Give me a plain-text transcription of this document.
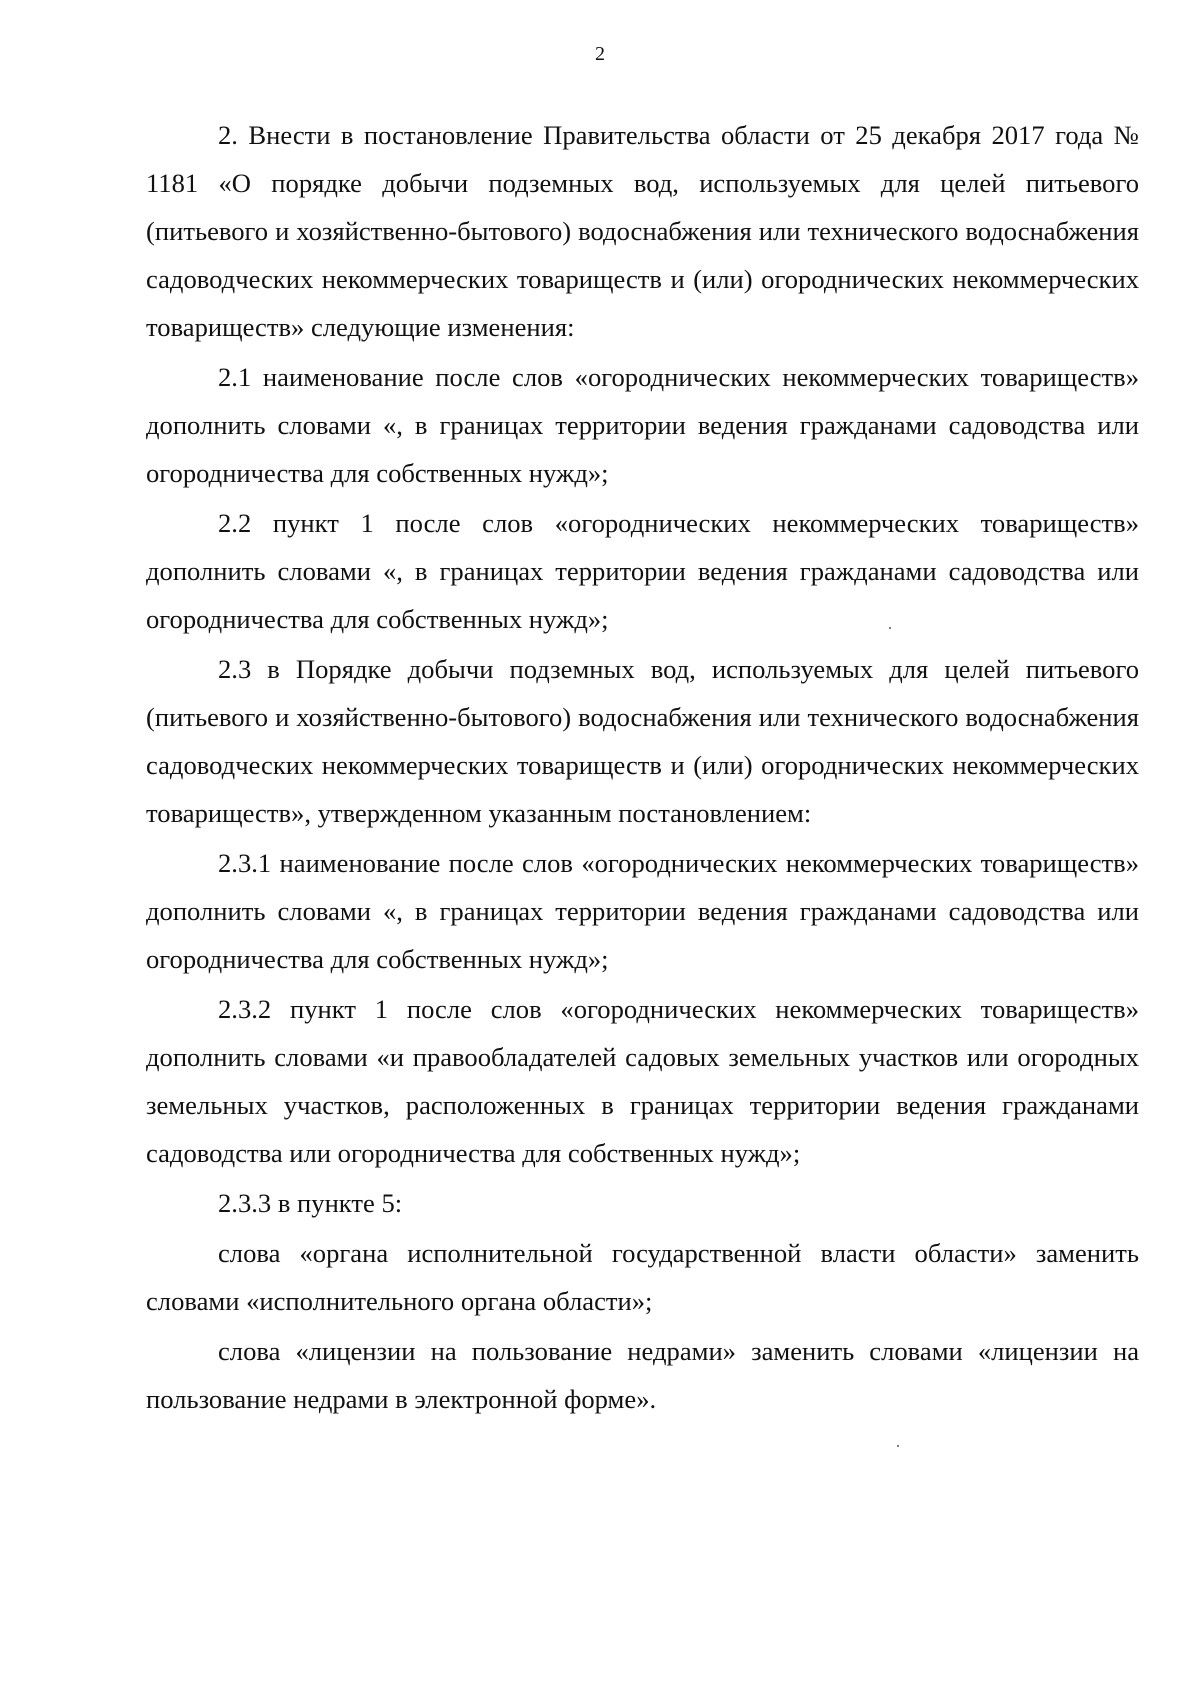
2

2. Внести в постановление Правительства области от 25 декабря 2017 года № 1181 «О порядке добычи подземных вод, используемых для целей питьевого (питьевого и хозяйственно-бытового) водоснабжения или технического водоснабжения садоводческих некоммерческих товариществ и (или) огороднических некоммерческих товариществ» следующие изменения:

2.1 наименование после слов «огороднических некоммерческих товариществ» дополнить словами «, в границах территории ведения гражданами садоводства или огородничества для собственных нужд»;

2.2 пункт 1 после слов «огороднических некоммерческих товариществ» дополнить словами «, в границах территории ведения гражданами садоводства или огородничества для собственных нужд»;

2.3 в Порядке добычи подземных вод, используемых для целей питьевого (питьевого и хозяйственно-бытового) водоснабжения или технического водоснабжения садоводческих некоммерческих товариществ и (или) огороднических некоммерческих товариществ», утвержденном указанным постановлением:

2.3.1 наименование после слов «огороднических некоммерческих товариществ» дополнить словами «, в границах территории ведения гражданами садоводства или огородничества для собственных нужд»;

2.3.2 пункт 1 после слов «огороднических некоммерческих товариществ» дополнить словами «и правообладателей садовых земельных участков или огородных земельных участков, расположенных в границах территории ведения гражданами садоводства или огородничества для собственных нужд»;

2.3.3 в пункте 5:

слова «органа исполнительной государственной власти области» заменить словами «исполнительного органа области»;

слова «лицензии на пользование недрами» заменить словами «лицензии на пользование недрами в электронной форме».
